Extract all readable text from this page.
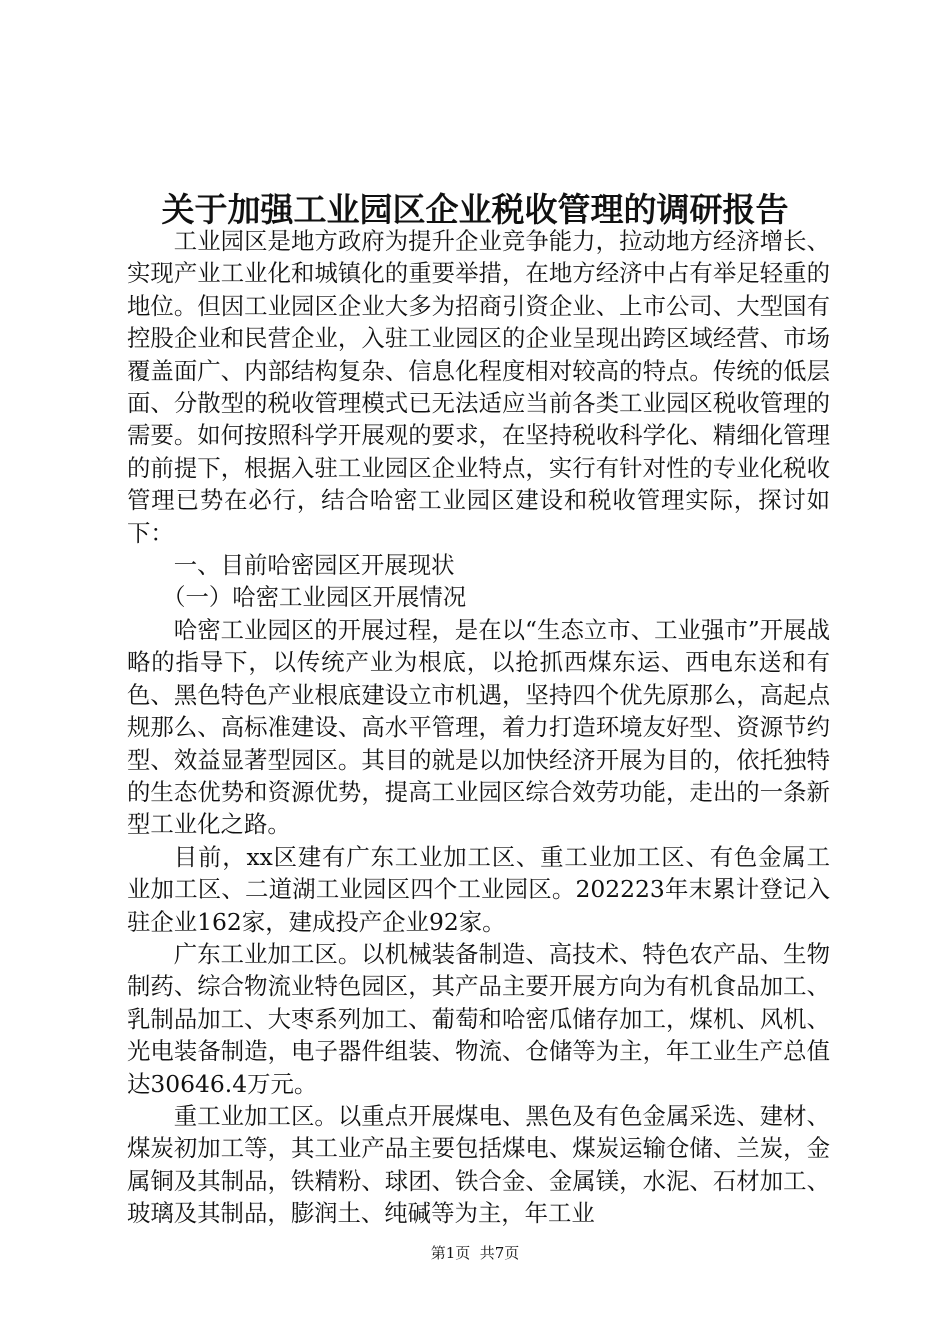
关于加强工业园区企业税收管理的调研报告

工业园区是地方政府为提升企业竞争能力，拉动地方经济增长、实现产业工业化和城镇化的重要举措，在地方经济中占有举足轻重的地位。但因工业园区企业大多为招商引资企业、上市公司、大型国有控股企业和民营企业，入驻工业园区的企业呈现出跨区域经营、市场覆盖面广、内部结构复杂、信息化程度相对较高的特点。传统的低层面、分散型的税收管理模式已无法适应当前各类工业园区税收管理的需要。如何按照科学开展观的要求，在坚持税收科学化、精细化管理的前提下，根据入驻工业园区企业特点，实行有针对性的专业化税收管理已势在必行，结合哈密工业园区建设和税收管理实际，探讨如下：

一、目前哈密园区开展现状

（一）哈密工业园区开展情况

哈密工业园区的开展过程，是在以“生态立市、工业强市”开展战略的指导下，以传统产业为根底，以抢抓西煤东运、西电东送和有色、黑色特色产业根底建设立市机遇，坚持四个优先原那么，高起点规那么、高标准建设、高水平管理，着力打造环境友好型、资源节约型、效益显著型园区。其目的就是以加快经济开展为目的，依托独特的生态优势和资源优势，提高工业园区综合效劳功能，走出的一条新型工业化之路。

目前，xx区建有广东工业加工区、重工业加工区、有色金属工业加工区、二道湖工业园区四个工业园区。202223年末累计登记入驻企业162家，建成投产企业92家。

广东工业加工区。以机械装备制造、高技术、特色农产品、生物制药、综合物流业特色园区，其产品主要开展方向为有机食品加工、乳制品加工、大枣系列加工、葡萄和哈密瓜储存加工，煤机、风机、光电装备制造，电子器件组装、物流、仓储等为主，年工业生产总值达30646.4万元。

重工业加工区。以重点开展煤电、黑色及有色金属采选、建材、煤炭初加工等，其工业产品主要包括煤电、煤炭运输仓储、兰炭，金属铜及其制品，铁精粉、球团、铁合金、金属镁，水泥、石材加工、玻璃及其制品，膨润土、纯碱等为主，年工业

第1页  共7页
